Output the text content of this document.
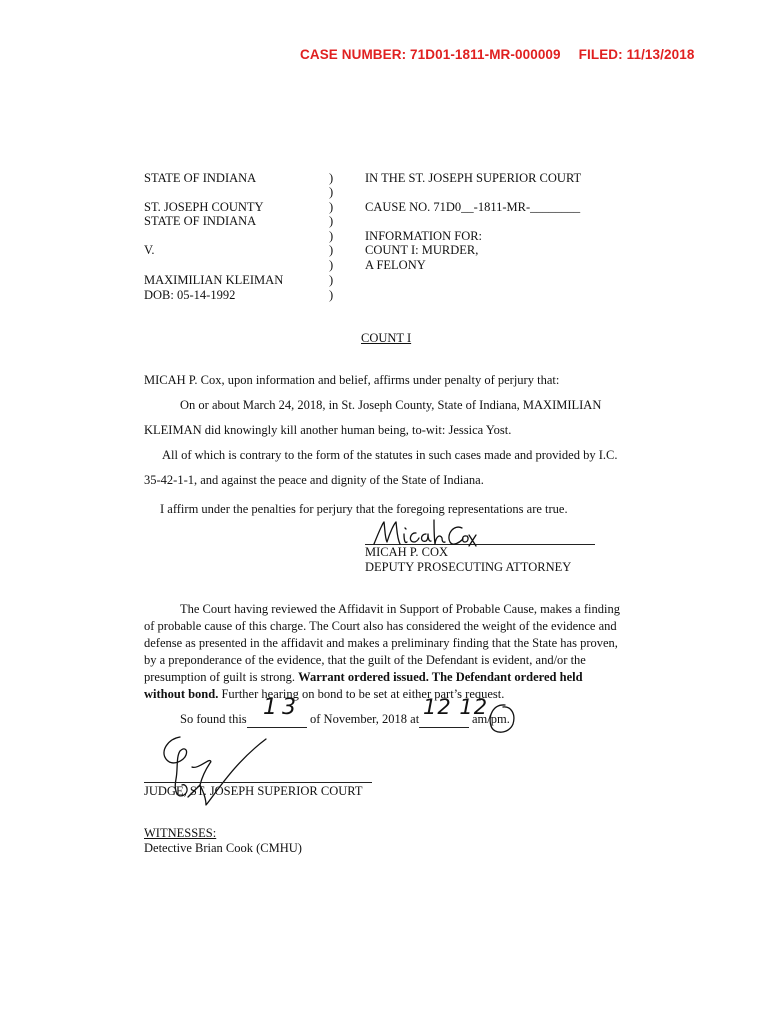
CASE NUMBER: 71D01-1811-MR-000009 FILED: 11/13/2018
STATE OF INDIANA
ST. JOSEPH COUNTY
STATE OF INDIANA
V.
MAXIMILIAN KLEIMAN
DOB: 05-14-1992
)
)
)
)
)
)
)
)
)
IN THE ST. JOSEPH SUPERIOR COURT
CAUSE NO. 71D0__-1811-MR-________
INFORMATION FOR:
COUNT I: MURDER,
A FELONY
COUNT I
MICAH P. Cox, upon information and belief, affirms under penalty of perjury that:
On or about March 24, 2018, in St. Joseph County, State of Indiana, MAXIMILIAN
KLEIMAN did knowingly kill another human being, to-wit: Jessica Yost.
All of which is contrary to the form of the statutes in such cases made and provided by I.C.
35-42-1-1, and against the peace and dignity of the State of Indiana.
I affirm under the penalties for perjury that the foregoing representations are true.
MICAH P. COX
DEPUTY PROSECUTING ATTORNEY
The Court having reviewed the Affidavit in Support of Probable Cause, makes a finding of probable cause of this charge. The Court also has considered the weight of the evidence and defense as presented in the affidavit and makes a preliminary finding that the State has proven, by a preponderance of the evidence, that the guilt of the Defendant is evident, and/or the presumption of guilt is strong. Warrant ordered issued. The Defendant ordered held without bond. Further hearing on bond to be set at either part’s request.
So found this 13 of November, 2018 at 12 12
am/pm.
JUDGE, ST. JOSEPH SUPERIOR COURT
WITNESSES:
Detective Brian Cook (CMHU)
